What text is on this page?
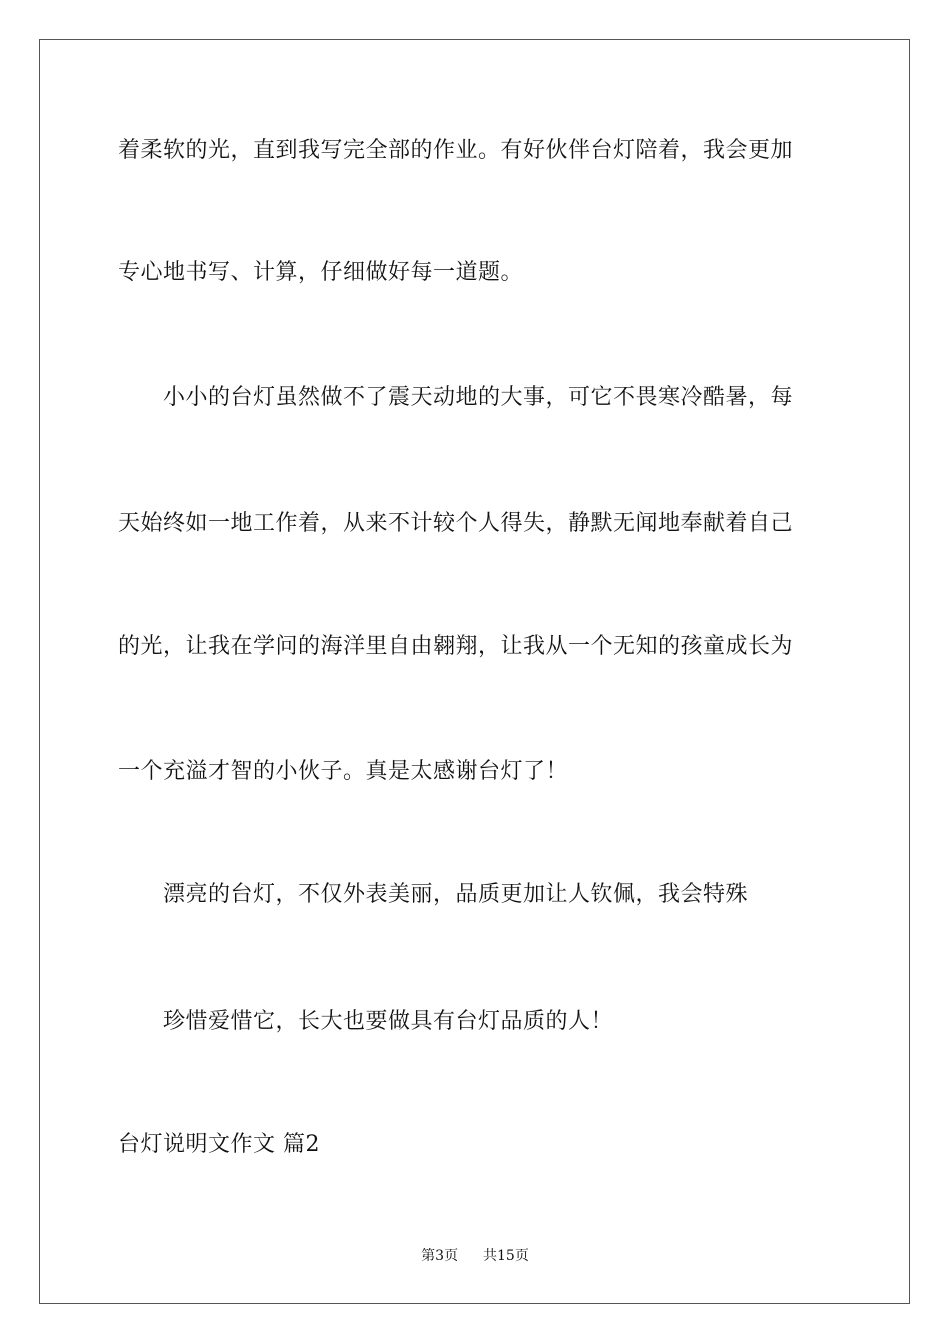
着柔软的光，直到我写完全部的作业。有好伙伴台灯陪着，我会更加
专心地书写、计算，仔细做好每一道题。
小小的台灯虽然做不了震天动地的大事，可它不畏寒冷酷暑，每
天始终如一地工作着，从来不计较个人得失，静默无闻地奉献着自己
的光，让我在学问的海洋里自由翱翔，让我从一个无知的孩童成长为
一个充溢才智的小伙子。真是太感谢台灯了！
漂亮的台灯，不仅外表美丽，品质更加让人钦佩，我会特殊
珍惜爱惜它，长大也要做具有台灯品质的人！
台灯说明文作文 篇2
第3页 共15页
